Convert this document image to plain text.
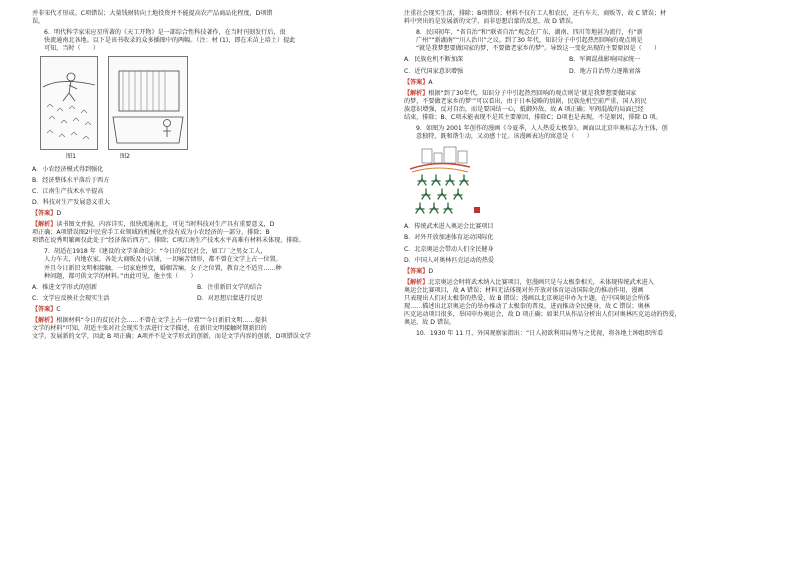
并非宋代才形成。C项错误；大量钱财转向土地投资并不能提高农产品商品化程度，D项错
误。
6．明代科学家宋应星所著的《天工开物》是一部综合性科技著作，在当时刊刻发行后，很
快流通南北各地。以下是该书收录的众多插图中的两幅。（注：材 (1)，即在禾苗上培土）提此
可知，当时（　　）
图1	图2
A．小农经济模式得到强化
B．经济整体水平落后于西方
C．江南生产技术水平提高
D．科技对生产发展意义重大
【答案】D
【解析】读书图文并貌，内容详实，很快流通南北，可见当时科技对生产具有重要意义，D
项正确；A项错误图2中民营手工业领域的机械化并没有成为小农经济的一部分，排除；B
项错在说秀明繁画仅此处于“经济落后西方”，排除；C项江南生产技术水平高难有材料未体现，排除。
7．胡适在1918 年《建设的文学革命论》：“今日的贫民社会，如工厂之男女工人，
人力车夫，内地农家，各处大商贩及小店铺，一切痛苦情形，都不曾在文学上占一位置。
并且今日新旧文明相接触，一切家庭惨变，婚姻苦痛，女子之位置，教育之不适宜……种
种问题，都可供文学的材料。”由此可见，他主张（　　）
A．推进文学形式的创新	B．注重新旧文学的结合
C．文学应反映社会现实生活	D．对思想启蒙进行反思
【答案】C
【解析】根据材料“今日的贫民社会……不曾在文学上占一位置”“今日新旧文明……提供
文学的材料”可知，胡适主张对社会现实生活进行文学描述，在新旧文明接触时期新旧的
文学，发展新的文学，因此 B 项正确；A项并不是文学形式的创新，而是文学内容的创新，D项错误文学
注重社会现实生活，排除；B项错误；材料不仅有工人和农民，还有车夫、商贩等，故 C 错误；材
料中突出的是发展新的文学，而非思想启蒙的反思，故 D 错误。
8．民国初年，“省自治”和“联省自治”观念在广东、湖南、四川等地甚为流行，有“新
广州”“新湖南”“川人治川”之议。到了30 年代，知识分子中引起热烈回响的观点则是
“就是我梦想要做国家的梦，不要做老家乡的梦”。导致这一变化出现的主要原因是（　　）
A．民族危机不断加深	B．军阀混战影响国家统一
C．近代国家意识增强	D．地方自治势力逐渐衰落
【答案】A
【解析】根据“到了30年代，知识分子中引起热烈回响的观点则是‘就是我梦想要做国家
的梦，不要做老家乡的梦’”可以看出，由于日本侵略的加剧，民族危机空前严重，国人的民
族意识增强，反对自治，而是要国结一心，抵御外敌，故 A 项正确；军阀混战的局面已经
结束，排除；B、C项未能表现不是其主要原因，排除C；D项也是表现，不是原因，排除 D 项。
9．如图为 2001 年创作的漫画《今夏季，人人热爱太极拳》。画面以北京申奥标志为主体，创
意独特，既和谐生动，又动感十足。该漫画表达的寓意是（　　）
A．传统武术进入奥运会比赛项目
B．对外开放加速体育运动国际化
C．北京奥运会带动人们全民健身
D．中国人对奥林匹克运动的热爱
【答案】D
【解析】北京奥运会时将武术纳入比赛项目，但漫画只是与太极拳相关，未体现传统武术进入
奥运会比赛项目，故 A 错误；材料无法体现对外开放对体育运动国际化的推动作用，漫画
只表现出人们对太极拳的热爱，故 B 错误；漫画以北京奥运申办为主题，在中国奥运会所体
现……描述出北京奥运会的举办推动了太极拳的普及，进而推动全民健身，故 C 错误；奥林
匹克运动项目很多，举国申办奥运会，故 D 项正确；如果只从作品分析出人们对奥林匹克运动的热爱，
奥运，故 D 错误。
10．1930 年 11 月，外国观察家指出：“日人初欲利用局势与之优视，将各地土绅组织所看
